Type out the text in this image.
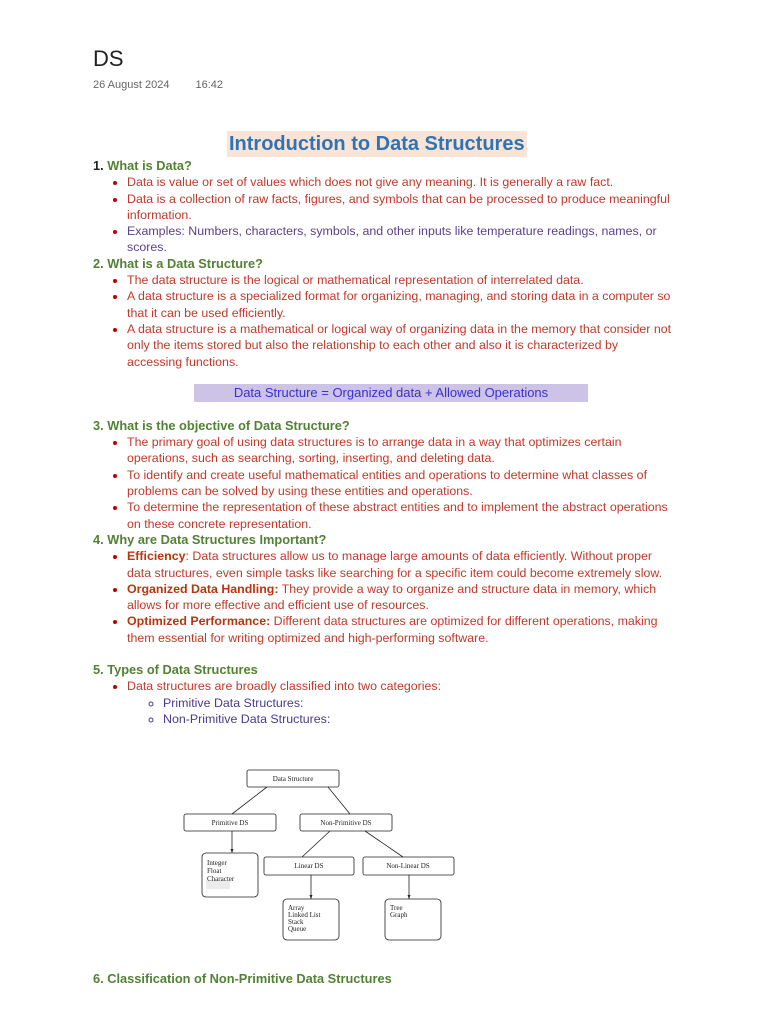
DS
26 August 2024 16:42
Introduction to Data Structures

1. What is Data?

• Data is value or set of values which does not give any meaning. It is generally a raw fact.
• Data is a collection of raw facts, figures, and symbols that can be processed to produce meaningful information.
• Examples: Numbers, characters, symbols, and other inputs like temperature readings, names, or scores.

2. What is a Data Structure?

• The data structure is the logical or mathematical representation of interrelated data.
• A data structure is a specialized format for organizing, managing, and storing data in a computer so that it can be used efficiently.
• A data structure is a mathematical or logical way of organizing data in the memory that consider not only the items stored but also the relationship to each other and also it is characterized by accessing functions.
Data Structure = Organized data + Allowed Operations

3. What is the objective of Data Structure?

• The primary goal of using data structures is to arrange data in a way that optimizes certain operations, such as searching, sorting, inserting, and deleting data.
• To identify and create useful mathematical entities and operations to determine what classes of problems can be solved by using these entities and operations.
• To determine the representation of these abstract entities and to implement the abstract operations on these concrete representation.

4. Why are Data Structures Important?

• Efficiency: Data structures allow us to manage large amounts of data efficiently. Without proper data structures, even simple tasks like searching for a specific item could become extremely slow.
• Organized Data Handling: They provide a way to organize and structure data in memory, which allows for more effective and efficient use of resources.
• Optimized Performance: Different data structures are optimized for different operations, making them essential for writing optimized and high-performing software.

5. Types of Data Structures

• Data structures are broadly classified into two categories:
◦ Primitive Data Structures:
◦ Non-Primitive Data Structures:
Data Structure
Primitive DS	Non-Primitive DS
Integer
Float
Character
Linear DS	Non-Linear DS
Array
Linked List
Stack
Queue
Tree
Graph

6. Classification of Non-Primitive Data Structures
